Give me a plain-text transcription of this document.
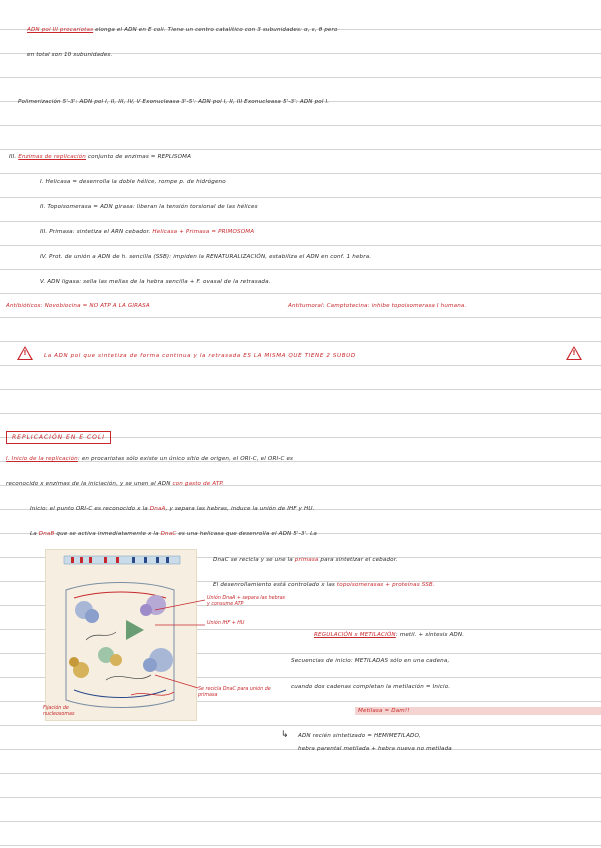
ADN pol III procariotas elonga el ADN en E coli. Tiene un centro catalítico con 3 subunidades: α, ε, θ pero
en total son 10 subunidades.
Polimerización 5'-3': ADN pol I, II, III, IV, V Exonucleasa 3'-5': ADN pol I, II, III Exonucleasa 5'-3': ADN pol I.
III. Enzimas de replicación conjunto de enzimas = REPLISOMA
I. Helicasa = desenrolla la doble hélice, rompe p. de hidrógeno
II. Topoisomerasa = ADN girasa: liberan la tensión torsional de las hélices
III. Primasa: sintetiza el ARN cebador. Helicasa + Primasa = PRIMOSOMA
IV. Prot. de unión a ADN de h. sencilla (SSB): impiden la RENATURALIZACIÓN, estabiliza el ADN en conf. 1 hebra.
V. ADN ligasa: sella las mellas de la hebra sencilla + F. ovasal de la retrasada.
Antibióticos: Novobiocina = NO ATP A LA GIRASA	Antitumoral: Camptotecina: inhibe topoisomerasa I humana.
!	La ADN pol que sintetiza de forma continua y la retrasada ES LA MISMA QUE TIENE 2 SUBUD	!
REPLICACIÓN EN E COLI
I. Inicio de la replicación: en procariotas sólo existe un único sitio de origen, el ORI-C, el ORI-C es
reconocido x enzimas de la iniciación, y se unen al ADN con gasto de ATP.
Inicio: el punto ORI-C es reconocido x la DnaA, y separa las hebras, induce la unión de IHF y HU.
La DnaB que se activa inmediatamente x la DnaC es una helicasa que desenrolla el ADN 5'-3'. La
DnaC se recicla y se une la primasa para sintetizar el cebador.
El desenrollamiento está controlado x las topoisomerasas + proteínas SSB.
Unión DnaA + separa las hebras y consume ATP
Unión IHF + HU
Se recicla DnaC para unión de primasa
Fijación de nucleosomas
REGULACIÓN x METILACIÓN: metil. + síntesis ADN.
Secuencias de inicio: METILADAS sólo en una cadena,
cuando dos cadenas completan la metilación = Inicio.
Metilasa = Dam!!
↳	ADN recién sintetizado = HEMIMETILADO,
hebra parental metilada + hebra nueva no metilada
